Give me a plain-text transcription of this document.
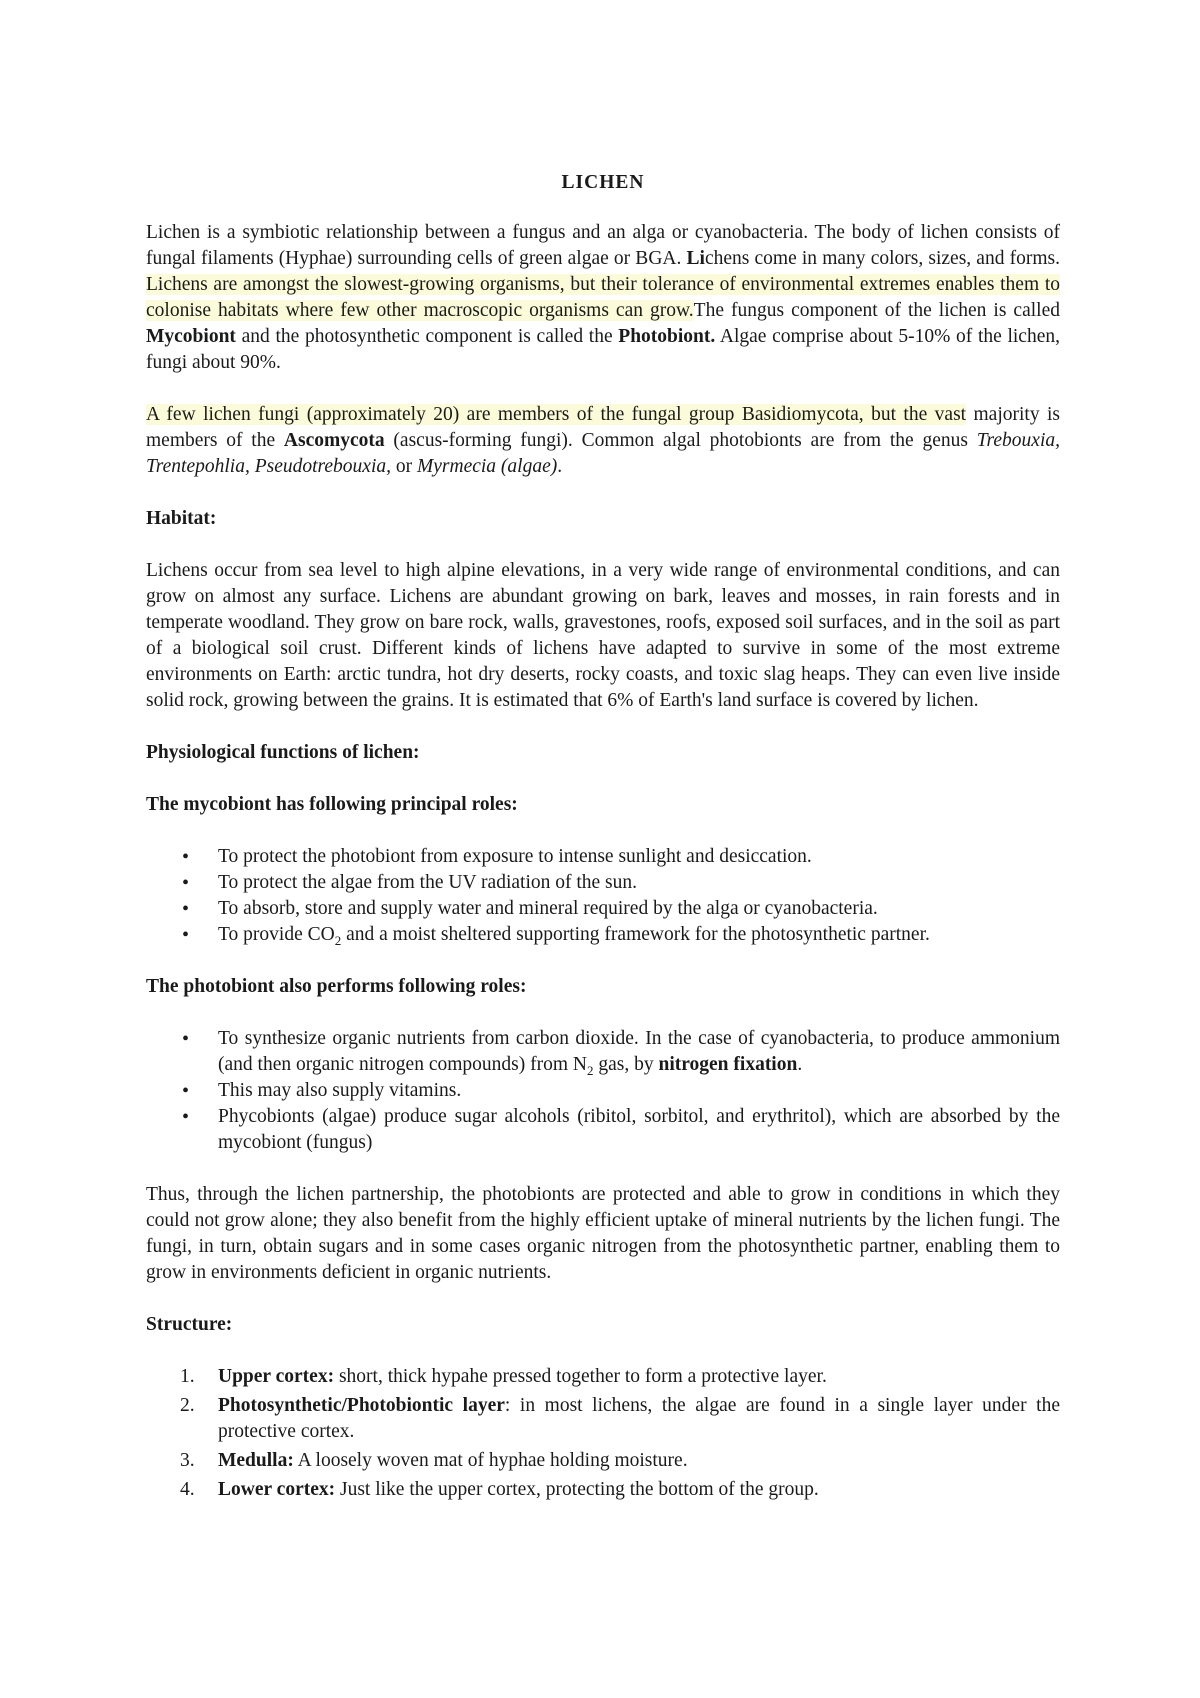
LICHEN

Lichen is a symbiotic relationship between a fungus and an alga or cyanobacteria. The body of lichen consists of fungal filaments (Hyphae) surrounding cells of green algae or BGA. Lichens come in many colors, sizes, and forms. Lichens are amongst the slowest-growing organisms, but their tolerance of environmental extremes enables them to colonise habitats where few other macroscopic organisms can grow.The fungus component of the lichen is called Mycobiont and the photosynthetic component is called the Photobiont. Algae comprise about 5-10% of the lichen, fungi about 90%.

A few lichen fungi (approximately 20) are members of the fungal group Basidiomycota, but the vast majority is members of the Ascomycota (ascus-forming fungi). Common algal photobionts are from the genus Trebouxia, Trentepohlia, Pseudotrebouxia, or Myrmecia (algae).

Habitat:

Lichens occur from sea level to high alpine elevations, in a very wide range of environmental conditions, and can grow on almost any surface. Lichens are abundant growing on bark, leaves and mosses, in rain forests and in temperate woodland. They grow on bare rock, walls, gravestones, roofs, exposed soil surfaces, and in the soil as part of a biological soil crust. Different kinds of lichens have adapted to survive in some of the most extreme environments on Earth: arctic tundra, hot dry deserts, rocky coasts, and toxic slag heaps. They can even live inside solid rock, growing between the grains. It is estimated that 6% of Earth's land surface is covered by lichen.

Physiological functions of lichen:
The mycobiont has following principal roles:
• To protect the photobiont from exposure to intense sunlight and desiccation.
• To protect the algae from the UV radiation of the sun.
• To absorb, store and supply water and mineral required by the alga or cyanobacteria.
• To provide $CO_2$ and a moist sheltered supporting framework for the photosynthetic partner.
The photobiont also performs following roles:
• To synthesize organic nutrients from carbon dioxide. In the case of cyanobacteria, to produce ammonium (and then organic nitrogen compounds) from $N_2$ gas, by nitrogen fixation.
• This may also supply vitamins.
• Phycobionts (algae) produce sugar alcohols (ribitol, sorbitol, and erythritol), which are absorbed by the mycobiont (fungus)

Thus, through the lichen partnership, the photobionts are protected and able to grow in conditions in which they could not grow alone; they also benefit from the highly efficient uptake of mineral nutrients by the lichen fungi. The fungi, in turn, obtain sugars and in some cases organic nitrogen from the photosynthetic partner, enabling them to grow in environments deficient in organic nutrients.

Structure:
1. Upper cortex: short, thick hypahe pressed together to form a protective layer.
2. Photosynthetic/Photobiontic layer: in most lichens, the algae are found in a single layer under the protective cortex.
3. Medulla: A loosely woven mat of hyphae holding moisture.
4. Lower cortex: Just like the upper cortex, protecting the bottom of the group.
